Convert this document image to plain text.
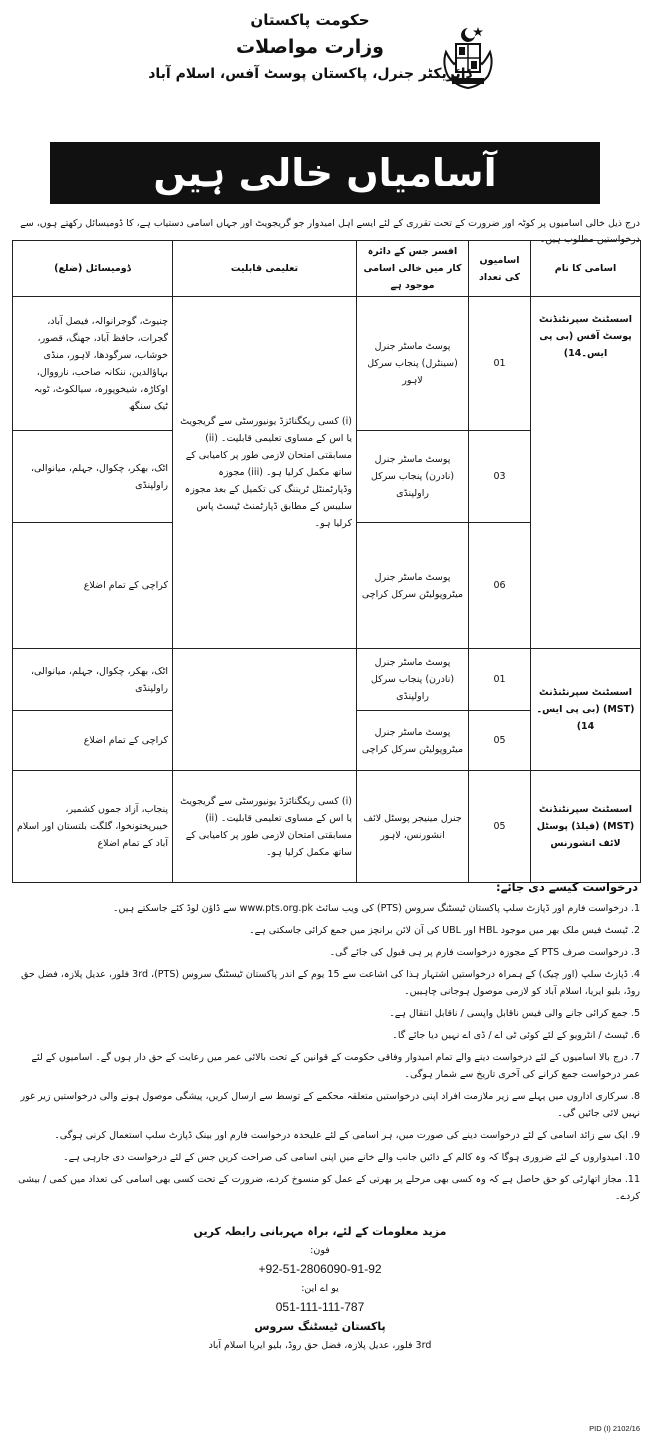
حکومت پاکستان
وزارت مواصلات
ڈائریکٹر جنرل، پاکستان پوسٹ آفس، اسلام آباد
آسامیاں خالی ہیں
درج ذیل خالی اسامیوں پر کوٹہ اور ضرورت کے تحت تقرری کے لئے ایسے اہل امیدوار جو گریجویٹ اور جہاں اسامی دستیاب ہے، کا ڈومیسائل رکھتے ہوں، سے درخواستیں مطلوب ہیں۔
اسامی کا نام	اسامیوں کی تعداد	افسر جس کے دائرہ کار میں خالی اسامی موجود ہے	تعلیمی قابلیت	ڈومیسائل (ضلع)
اسسٹنٹ سپرنٹنڈنٹ پوسٹ آفس (بی پی ایس۔14)	01	پوسٹ ماسٹر جنرل (سینٹرل) پنجاب سرکل لاہور	(i) کسی ریکگنائزڈ یونیورسٹی سے گریجویٹ یا اس کے مساوی تعلیمی قابلیت۔ (ii) مسابقتی امتحان لازمی طور پر کامیابی کے ساتھ مکمل کرلیا ہو۔ (iii) مجوزہ وڈپارٹمنٹل ٹریننگ کی تکمیل کے بعد مجوزہ سلیبس کے مطابق ڈپارٹمنٹ ٹیسٹ پاس کرلیا ہو۔	چنیوٹ، گوجرانوالہ، فیصل آباد، گجرات، حافظ آباد، جھنگ، قصور، خوشاب، سرگودھا، لاہور، منڈی بہاؤالدین، ننکانہ صاحب، نارووال، اوکاڑہ، شیخوپورہ، سیالکوٹ، ٹوبہ ٹیک سنگھ
	03	پوسٹ ماسٹر جنرل (نادرن) پنجاب سرکل راولپنڈی		اٹک، بھکر، چکوال، جہلم، میانوالی، راولپنڈی
	06	پوسٹ ماسٹر جنرل میٹروپولیٹن سرکل کراچی		کراچی کے تمام اضلاع
اسسٹنٹ سپرنٹنڈنٹ (MST) (بی پی ایس۔14)	01	پوسٹ ماسٹر جنرل (نادرن) پنجاب سرکل راولپنڈی		اٹک، بھکر، چکوال، جہلم، میانوالی، راولپنڈی
	05	پوسٹ ماسٹر جنرل میٹروپولیٹن سرکل کراچی		کراچی کے تمام اضلاع
اسسٹنٹ سپرنٹنڈنٹ (MST) (فیلڈ) پوسٹل لائف انشورنس	05	جنرل مینیجر پوسٹل لائف انشورنس، لاہور	(i) کسی ریکگنائزڈ یونیورسٹی سے گریجویٹ یا اس کے مساوی تعلیمی قابلیت۔ (ii) مسابقتی امتحان لازمی طور پر کامیابی کے ساتھ مکمل کرلیا ہو۔	پنجاب، آزاد جموں کشمیر، خیبرپختونخوا، گلگت بلتستان اور اسلام آباد کے تمام اضلاع
درخواست کیسے دی جائے:
1. درخواست فارم اور ڈپازٹ سلپ پاکستان ٹیسٹنگ سروس (PTS) کی ویب سائٹ www.pts.org.pk سے ڈاؤن لوڈ کئے جاسکتے ہیں۔
2. ٹیسٹ فیس ملک بھر میں موجود HBL اور UBL کی آن لائن برانچز میں جمع کرائی جاسکتی ہے۔
3. درخواست صرف PTS کے مجوزہ درخواست فارم پر ہی قبول کی جائے گی۔
4. ڈپازٹ سلپ (اور چیک) کے ہمراہ درخواستیں اشتہار ہذا کی اشاعت سے 15 یوم کے اندر پاکستان ٹیسٹنگ سروس (PTS)، 3rd فلور، عدیل پلازہ، فضل حق روڈ، بلیو ایریا، اسلام آباد کو لازمی موصول ہوجانی چاہییں۔
5. جمع کرائی جانے والی فیس ناقابل واپسی / ناقابل انتقال ہے۔
6. ٹیسٹ / انٹرویو کے لئے کوئی ٹی اے / ڈی اے نہیں دیا جائے گا۔
7. درج بالا اسامیوں کے لئے درخواست دینے والے تمام امیدوار وفاقی حکومت کے قوانین کے تحت بالائی عمر میں رعایت کے حق دار ہوں گے۔ اسامیوں کے لئے عمر درخواست جمع کرانے کی آخری تاریخ سے شمار ہوگی۔
8. سرکاری اداروں میں پہلے سے زیر ملازمت افراد اپنی درخواستیں متعلقہ محکمے کے توسط سے ارسال کریں، پیشگی موصول ہونے والی درخواستیں زیر غور نہیں لائی جائیں گی۔
9. ایک سے زائد اسامی کے لئے درخواست دینے کی صورت میں، ہر اسامی کے لئے علیحدہ درخواست فارم اور بینک ڈپازٹ سلپ استعمال کرنی ہوگی۔
10. امیدواروں کے لئے ضروری ہوگا کہ وہ کالم کے دائیں جانب والے خانے میں اپنی اسامی کی صراحت کریں جس کے لئے درخواست دی جارہی ہے۔
11. مجاز اتھارٹی کو حق حاصل ہے کہ وہ کسی بھی مرحلے پر بھرتی کے عمل کو منسوخ کردے، ضرورت کے تحت کسی بھی اسامی کی تعداد میں کمی / بیشی کردے۔
مزید معلومات کے لئے، براہ مہربانی رابطہ کریں
فون:
+92-51-2806090-91-92
یو اے این:
051-111-111-787
پاکستان ٹیسٹنگ سروس
3rd فلور، عدیل پلازہ، فضل حق روڈ، بلیو ایریا اسلام آباد
PID (I) 2102/16
